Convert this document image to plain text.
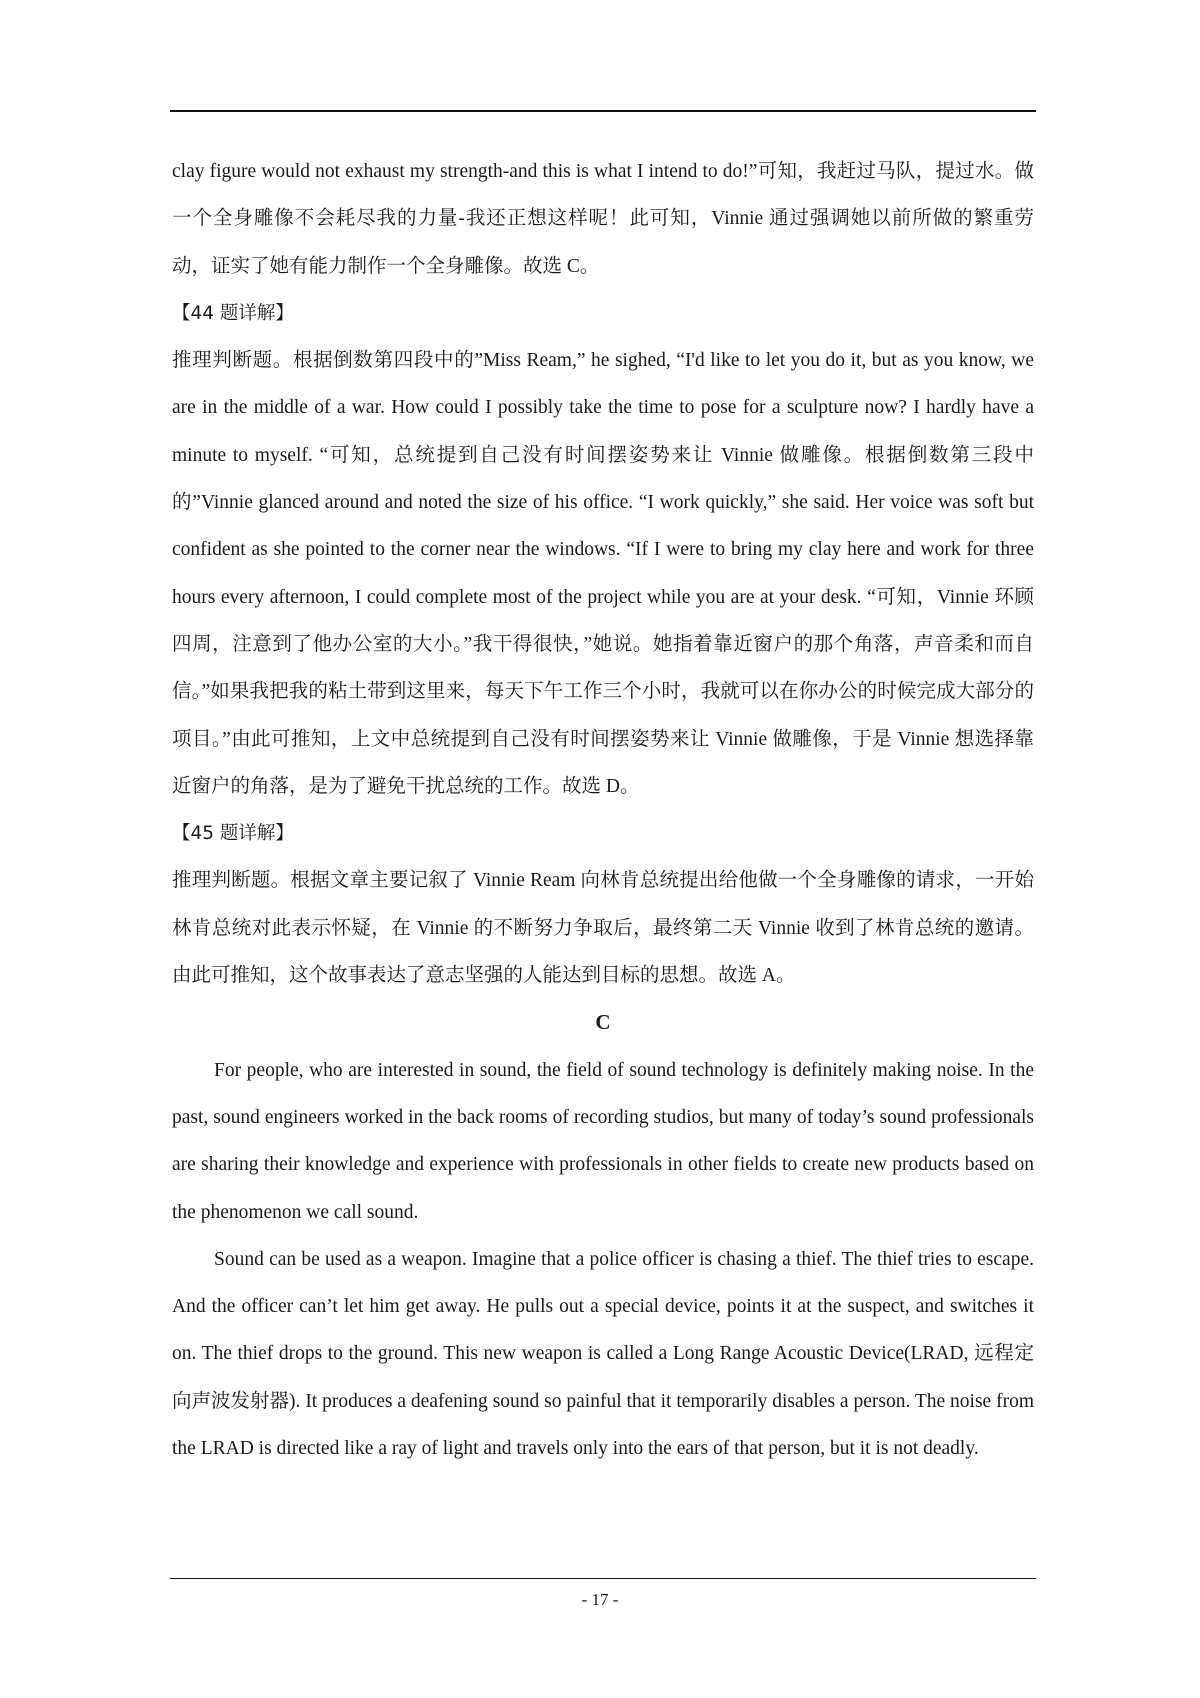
clay figure would not exhaust my strength-and this is what I intend to do!”可知，我赶过马队，提过水。做一个全身雕像不会耗尽我的力量-我还正想这样呢！此可知，Vinnie 通过强调她以前所做的繁重劳动，证实了她有能力制作一个全身雕像。故选 C。

【44 题详解】

推理判断题。根据倒数第四段中的”Miss Ream,” he sighed, “I'd like to let you do it, but as you know, we are in the middle of a war. How could I possibly take the time to pose for a sculpture now? I hardly have a minute to myself. “可知，总统提到自己没有时间摆姿势来让 Vinnie 做雕像。根据倒数第三段中的”Vinnie glanced around and noted the size of his office. “I work quickly,” she said. Her voice was soft but confident as she pointed to the corner near the windows. “If I were to bring my clay here and work for three hours every afternoon, I could complete most of the project while you are at your desk. “可知，Vinnie 环顾四周，注意到了他办公室的大小。”我干得很快，”她说。她指着靠近窗户的那个角落，声音柔和而自信。”如果我把我的粘土带到这里来，每天下午工作三个小时，我就可以在你办公的时候完成大部分的项目。”由此可推知，上文中总统提到自己没有时间摆姿势来让 Vinnie 做雕像，于是 Vinnie 想选择靠近窗户的角落，是为了避免干扰总统的工作。故选 D。

【45 题详解】

推理判断题。根据文章主要记叙了 Vinnie Ream 向林肯总统提出给他做一个全身雕像的请求，一开始林肯总统对此表示怀疑，在 Vinnie 的不断努力争取后，最终第二天 Vinnie 收到了林肯总统的邀请。由此可推知，这个故事表达了意志坚强的人能达到目标的思想。故选 A。

C

For people, who are interested in sound, the field of sound technology is definitely making noise. In the past, sound engineers worked in the back rooms of recording studios, but many of today’s sound professionals are sharing their knowledge and experience with professionals in other fields to create new products based on the phenomenon we call sound.

Sound can be used as a weapon. Imagine that a police officer is chasing a thief. The thief tries to escape. And the officer can’t let him get away. He pulls out a special device, points it at the suspect, and switches it on. The thief drops to the ground. This new weapon is called a Long Range Acoustic Device(LRAD, 远程定向声波发射器). It produces a deafening sound so painful that it temporarily disables a person. The noise from the LRAD is directed like a ray of light and travels only into the ears of that person, but it is not deadly.

- 17 -
